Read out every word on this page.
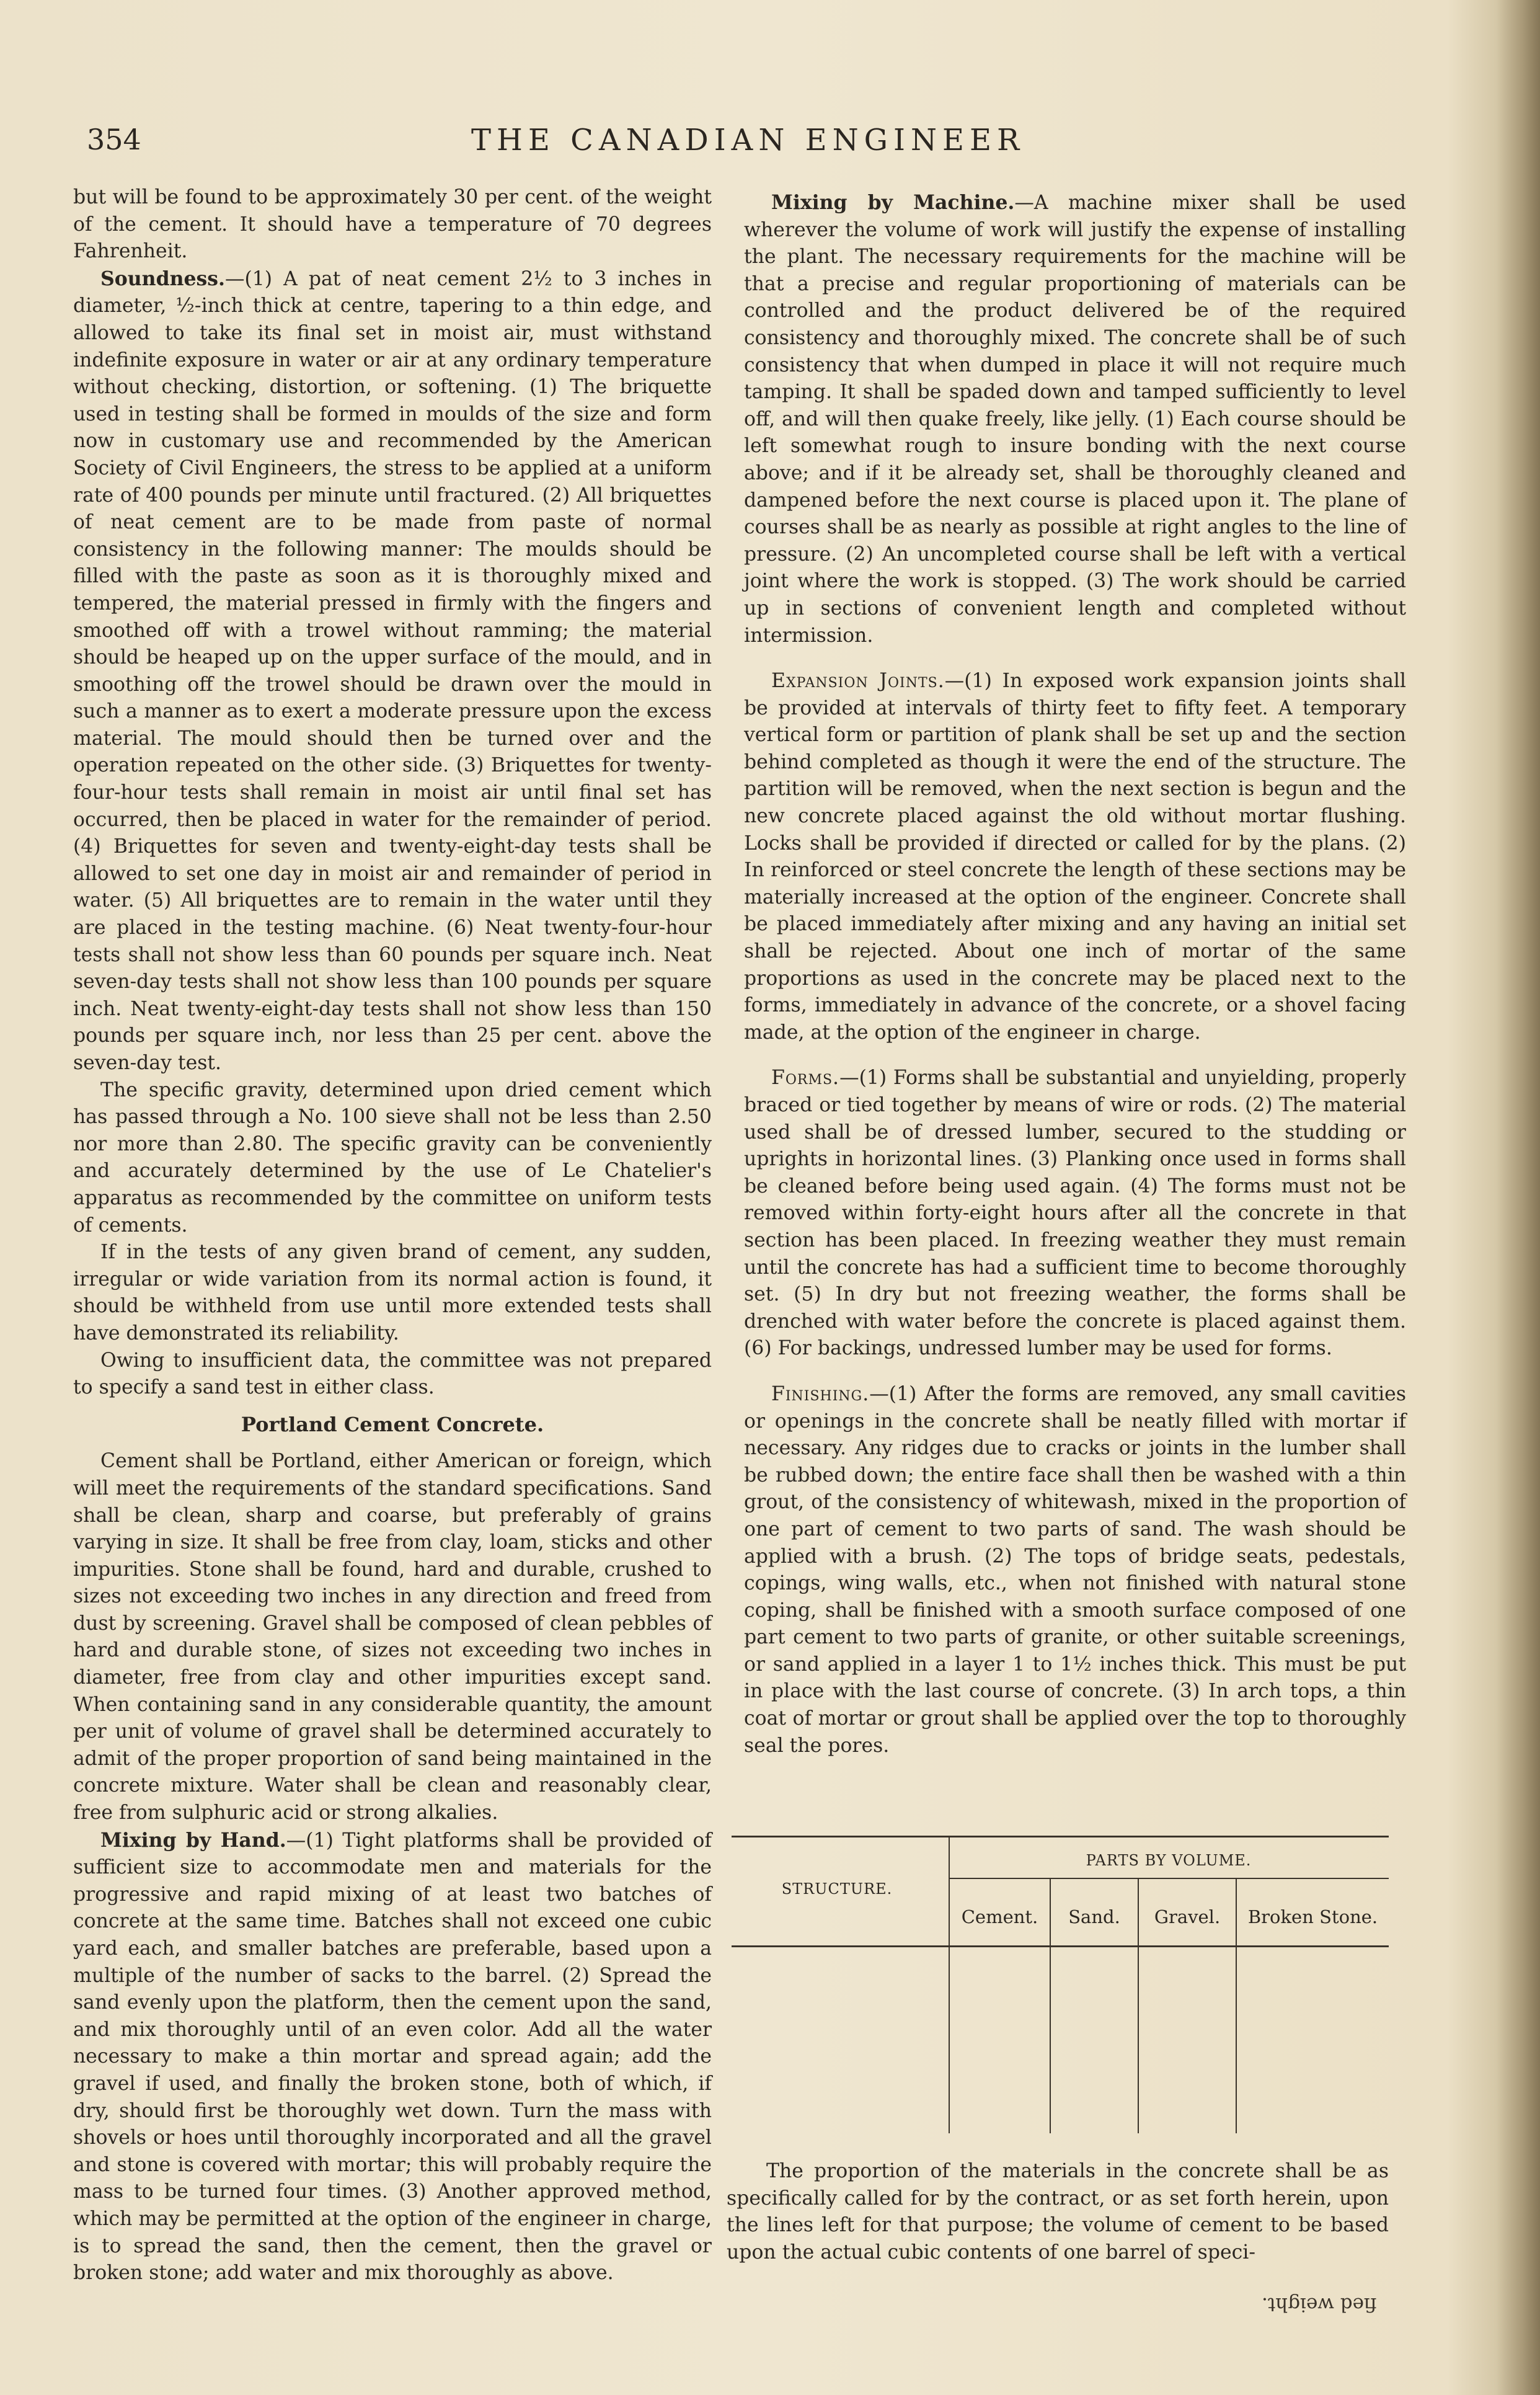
354	THE CANADIAN ENGINEER

but will be found to be approximately 30 per cent. of the weight of the cement. It should have a temperature of 70 degrees Fahrenheit.

Soundness.—(1) A pat of neat cement 2½ to 3 inches in diameter, ½-inch thick at centre, tapering to a thin edge, and allowed to take its final set in moist air, must withstand indefinite exposure in water or air at any ordinary temperature without checking, distortion, or softening. (1) The briquette used in testing shall be formed in moulds of the size and form now in customary use and recommended by the American Society of Civil Engineers, the stress to be applied at a uniform rate of 400 pounds per minute until fractured. (2) All briquettes of neat cement are to be made from paste of normal consistency in the following manner: The moulds should be filled with the paste as soon as it is thoroughly mixed and tempered, the material pressed in firmly with the fingers and smoothed off with a trowel without ramming; the material should be heaped up on the upper surface of the mould, and in smoothing off the trowel should be drawn over the mould in such a manner as to exert a moderate pressure upon the excess material. The mould should then be turned over and the operation repeated on the other side. (3) Briquettes for twenty-four-hour tests shall remain in moist air until final set has occurred, then be placed in water for the remainder of period. (4) Briquettes for seven and twenty-eight-day tests shall be allowed to set one day in moist air and remainder of period in water. (5) All briquettes are to remain in the water until they are placed in the testing machine. (6) Neat twenty-four-hour tests shall not show less than 60 pounds per square inch. Neat seven-day tests shall not show less than 100 pounds per square inch. Neat twenty-eight-day tests shall not show less than 150 pounds per square inch, nor less than 25 per cent. above the seven-day test.

The specific gravity, determined upon dried cement which has passed through a No. 100 sieve shall not be less than 2.50 nor more than 2.80. The specific gravity can be conveniently and accurately determined by the use of Le Chatelier's apparatus as recommended by the committee on uniform tests of cements.

If in the tests of any given brand of cement, any sudden, irregular or wide variation from its normal action is found, it should be withheld from use until more extended tests shall have demonstrated its reliability.

Owing to insufficient data, the committee was not prepared to specify a sand test in either class.

Portland Cement Concrete.

Cement shall be Portland, either American or foreign, which will meet the requirements of the standard specifications. Sand shall be clean, sharp and coarse, but preferably of grains varying in size. It shall be free from clay, loam, sticks and other impurities. Stone shall be found, hard and durable, crushed to sizes not exceeding two inches in any direction and freed from dust by screening. Gravel shall be composed of clean pebbles of hard and durable stone, of sizes not exceeding two inches in diameter, free from clay and other impurities except sand. When containing sand in any considerable quantity, the amount per unit of volume of gravel shall be determined accurately to admit of the proper proportion of sand being maintained in the concrete mixture. Water shall be clean and reasonably clear, free from sulphuric acid or strong alkalies.

Mixing by Hand.—(1) Tight platforms shall be provided of sufficient size to accommodate men and materials for the progressive and rapid mixing of at least two batches of concrete at the same time. Batches shall not exceed one cubic yard each, and smaller batches are preferable, based upon a multiple of the number of sacks to the barrel. (2) Spread the sand evenly upon the platform, then the cement upon the sand, and mix thoroughly until of an even color. Add all the water necessary to make a thin mortar and spread again; add the gravel if used, and finally the broken stone, both of which, if dry, should first be thoroughly wet down. Turn the mass with shovels or hoes until thoroughly incorporated and all the gravel and stone is covered with mortar; this will probably require the mass to be turned four times. (3) Another approved method, which may be permitted at the option of the engineer in charge, is to spread the sand, then the cement, then the gravel or broken stone; add water and mix thoroughly as above.

Mixing by Machine.—A machine mixer shall be used wherever the volume of work will justify the expense of installing the plant. The necessary requirements for the machine will be that a precise and regular proportioning of materials can be controlled and the product delivered be of the required consistency and thoroughly mixed. The concrete shall be of such consistency that when dumped in place it will not require much tamping. It shall be spaded down and tamped sufficiently to level off, and will then quake freely, like jelly. (1) Each course should be left somewhat rough to insure bonding with the next course above; and if it be already set, shall be thoroughly cleaned and dampened before the next course is placed upon it. The plane of courses shall be as nearly as possible at right angles to the line of pressure. (2) An uncompleted course shall be left with a vertical joint where the work is stopped. (3) The work should be carried up in sections of convenient length and completed without intermission.

Expansion Joints.—(1) In exposed work expansion joints shall be provided at intervals of thirty feet to fifty feet. A temporary vertical form or partition of plank shall be set up and the section behind completed as though it were the end of the structure. The partition will be removed, when the next section is begun and the new concrete placed against the old without mortar flushing. Locks shall be provided if directed or called for by the plans. (2) In reinforced or steel concrete the length of these sections may be materially increased at the option of the engineer. Concrete shall be placed immediately after mixing and any having an initial set shall be rejected. About one inch of mortar of the same proportions as used in the concrete may be placed next to the forms, immediately in advance of the concrete, or a shovel facing made, at the option of the engineer in charge.

Forms.—(1) Forms shall be substantial and unyielding, properly braced or tied together by means of wire or rods. (2) The material used shall be of dressed lumber, secured to the studding or uprights in horizontal lines. (3) Planking once used in forms shall be cleaned before being used again. (4) The forms must not be removed within forty-eight hours after all the concrete in that section has been placed. In freezing weather they must remain until the concrete has had a sufficient time to become thoroughly set. (5) In dry but not freezing weather, the forms shall be drenched with water before the concrete is placed against them. (6) For backings, undressed lumber may be used for forms.

Finishing.—(1) After the forms are removed, any small cavities or openings in the concrete shall be neatly filled with mortar if necessary. Any ridges due to cracks or joints in the lumber shall be rubbed down; the entire face shall then be washed with a thin grout, of the consistency of whitewash, mixed in the proportion of one part of cement to two parts of sand. The wash should be applied with a brush. (2) The tops of bridge seats, pedestals, copings, wing walls, etc., when not finished with natural stone coping, shall be finished with a smooth surface composed of one part cement to two parts of granite, or other suitable screenings, or sand applied in a layer 1 to 1½ inches thick. This must be put in place with the last course of concrete. (3) In arch tops, a thin coat of mortar or grout shall be applied over the top to thoroughly seal the pores.

STRUCTURE.
PARTS BY VOLUME.
Cement.	Sand.	Gravel.	Broken Stone.

The proportion of the materials in the concrete shall be as specifically called for by the contract, or as set forth herein, upon the lines left for that purpose; the volume of cement to be based upon the actual cubic contents of one barrel of speci-

fied weight.
